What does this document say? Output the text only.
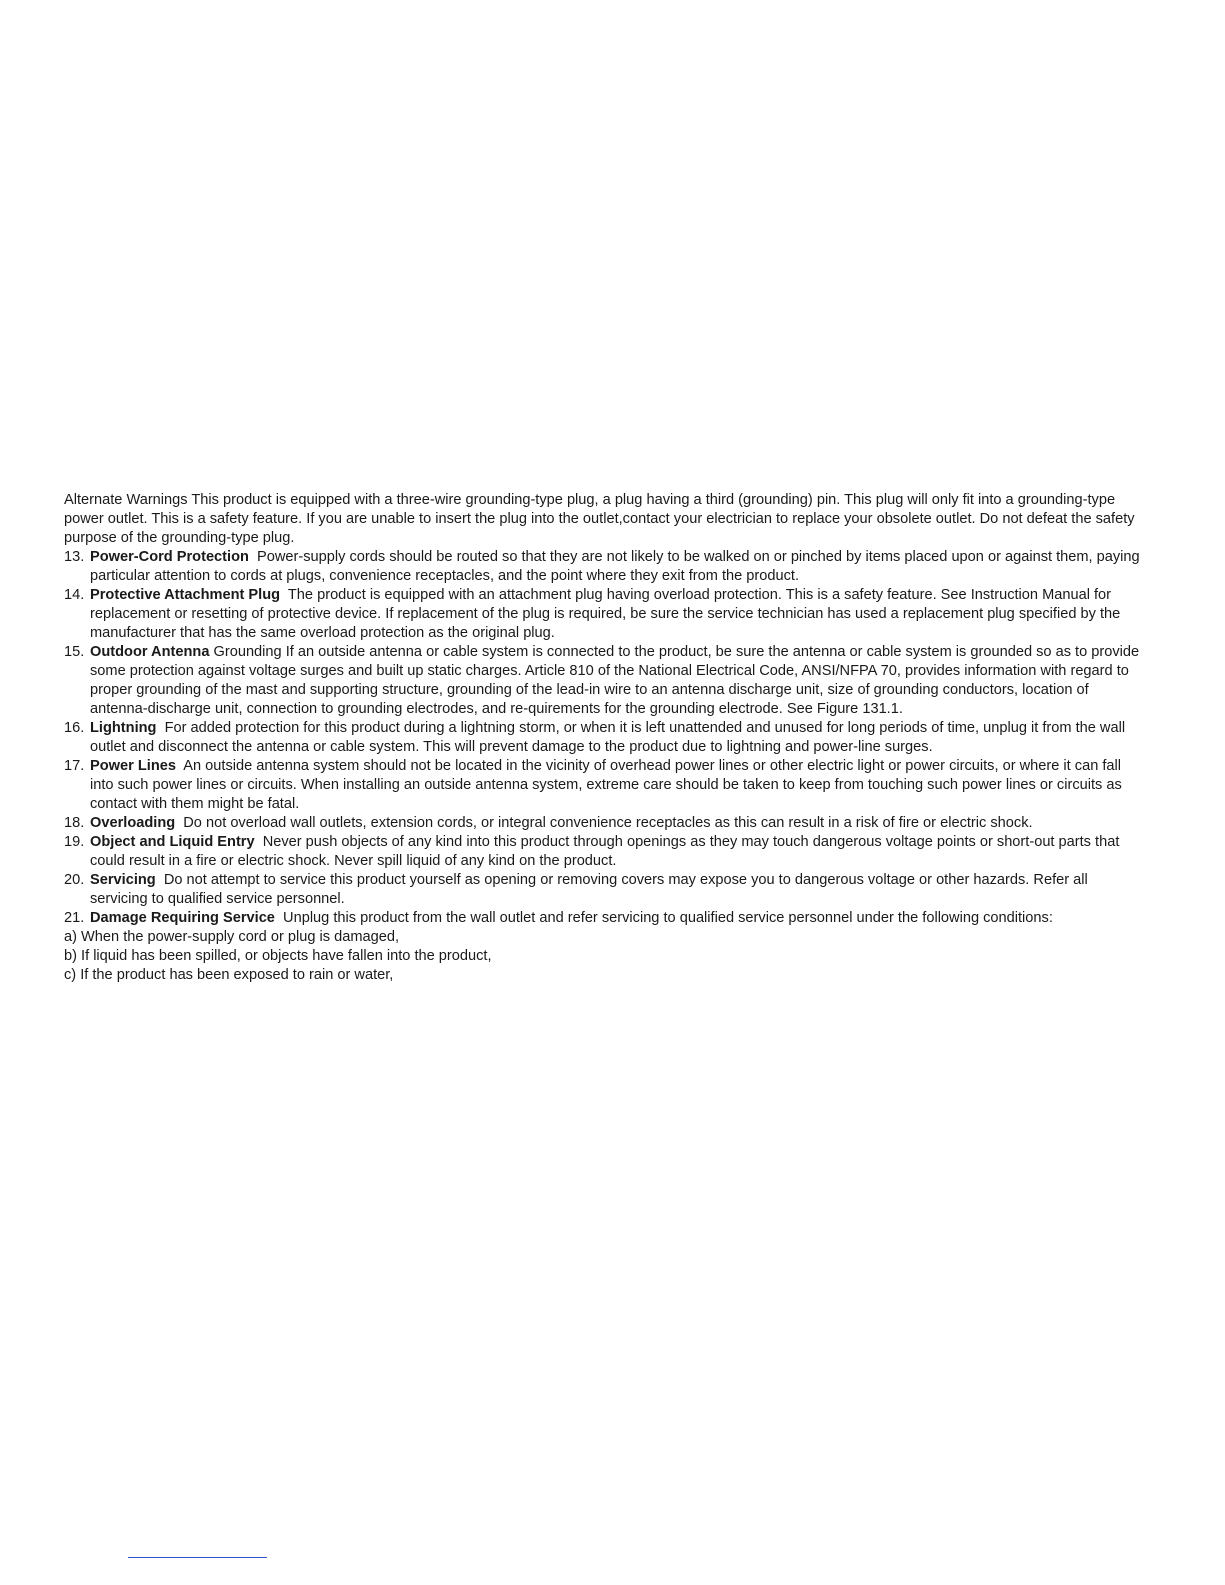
Alternate Warnings This product is equipped with a three-wire grounding-type plug, a plug having a third (grounding) pin. This plug will only fit into a grounding-type power outlet. This is a safety feature. If you are unable to insert the plug into the outlet,contact your electrician to replace your obsolete outlet. Do not defeat the safety purpose of the grounding-type plug.

13. Power-Cord Protection Power-supply cords should be routed so that they are not likely to be walked on or pinched by items placed upon or against them, paying particular attention to cords at plugs, convenience receptacles, and the point where they exit from the product.
14. Protective Attachment Plug The product is equipped with an attachment plug having overload protection. This is a safety feature. See Instruction Manual for replacement or resetting of protective device. If replacement of the plug is required, be sure the service technician has used a replacement plug specified by the manufacturer that has the same overload protection as the original plug.
15. Outdoor Antenna Grounding If an outside antenna or cable system is connected to the product, be sure the antenna or cable system is grounded so as to provide some protection against voltage surges and built up static charges. Article 810 of the National Electrical Code, ANSI/NFPA 70, provides information with regard to proper grounding of the mast and supporting structure, grounding of the lead-in wire to an antenna discharge unit, size of grounding conductors, location of antenna-discharge unit, connection to grounding electrodes, and re-quirements for the grounding electrode. See Figure 131.1.
16. Lightning For added protection for this product during a lightning storm, or when it is left unattended and unused for long periods of time, unplug it from the wall outlet and disconnect the antenna or cable system. This will prevent damage to the product due to lightning and power-line surges.
17. Power Lines An outside antenna system should not be located in the vicinity of overhead power lines or other electric light or power circuits, or where it can fall into such power lines or circuits. When installing an outside antenna system, extreme care should be taken to keep from touching such power lines or circuits as contact with them might be fatal.
18. Overloading Do not overload wall outlets, extension cords, or integral convenience receptacles as this can result in a risk of fire or electric shock.
19. Object and Liquid Entry Never push objects of any kind into this product through openings as they may touch dangerous voltage points or short-out parts that could result in a fire or electric shock. Never spill liquid of any kind on the product.
20. Servicing Do not attempt to service this product yourself as opening or removing covers may expose you to dangerous voltage or other hazards. Refer all servicing to qualified service personnel.
21. Damage Requiring Service Unplug this product from the wall outlet and refer servicing to qualified service personnel under the following conditions:
a) When the power-supply cord or plug is damaged,
b) If liquid has been spilled, or objects have fallen into the product,
c) If the product has been exposed to rain or water,
